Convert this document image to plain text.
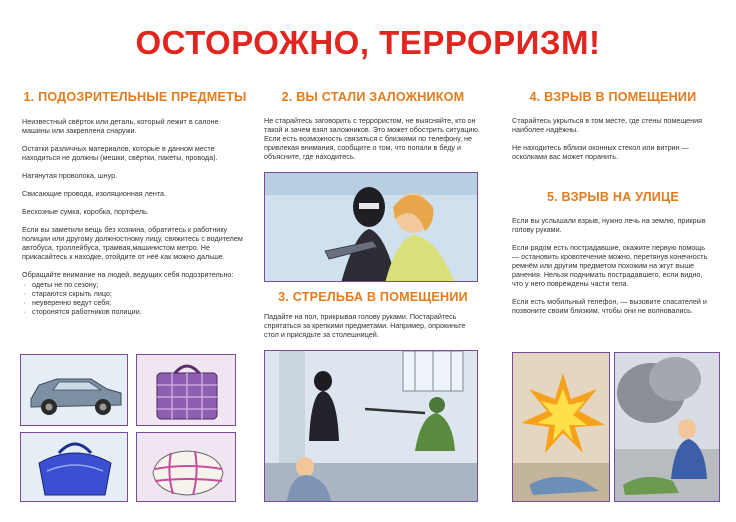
ОСТОРОЖНО, ТЕРРОРИЗМ!
1. ПОДОЗРИТЕЛЬНЫЕ ПРЕДМЕТЫ

Неизвестный свёрток или деталь, который лежит в салоне машины или закреплена снаружи.

Остатки различных материалов, которые в данном месте находиться не должны (мешки, свёртки, пакеты, провода).

Натянутая проволока, шнур.

Свисающие провода, изоляционная лента.

Бесхозные сумка, коробка, портфель.

Если вы заметили вещь без хозяина, обратитесь к работнику полиции или другому должностному лицу, свяжитесь с водителем автобуса, троллейбуса, трамвая,машинистом метро. Не прикасайтесь к находке, отойдите от неё как можно дальше.

Обращайте внимание на людей, ведущих себя подозрительно:

· одеты не по сезону;
· стараются скрыть лицо;
· неуверенно ведут себя;
· сторонятся работников полиции.
2. ВЫ СТАЛИ ЗАЛОЖНИКОМ
Не старайтесь заговорить с террористом, не выясняйте, кто он такой и зачем взял заложников. Это может обострить ситуацию. Если есть возможность связаться с близкими по телефону, не привлекая внимания, сообщите о том, что попали в беду и объясните, где находитесь.
3. СТРЕЛЬБА В ПОМЕЩЕНИИ
Падайте на пол, прикрывая голову руками. Постарайтесь спрятаться за крепкими предметами. Например, опрокиньте стол и присядьте за столешницей.
4. ВЗРЫВ В ПОМЕЩЕНИИ

Старайтесь укрыться в том месте, где стены помещения наиболее надёжны.

Не находитесь вблизи оконных стекол или витрин — осколками вас может поранить.

5. ВЗРЫВ НА УЛИЦЕ

Если вы услышали взрыв, нужно лечь на землю, прикрыв голову руками.

Если рядом есть пострадавшие, окажите первую помощь — остановить кровотечение можно, перетянув конечность ремнём или другим предметом похожим на жгут выше ранения. Нельзя поднимать пострадавшего, если видно, что у него повреждены части тела.

Если есть мобильный телефон, — вызовите спасателей и позвоните своим близким, чтобы они не волновались.
